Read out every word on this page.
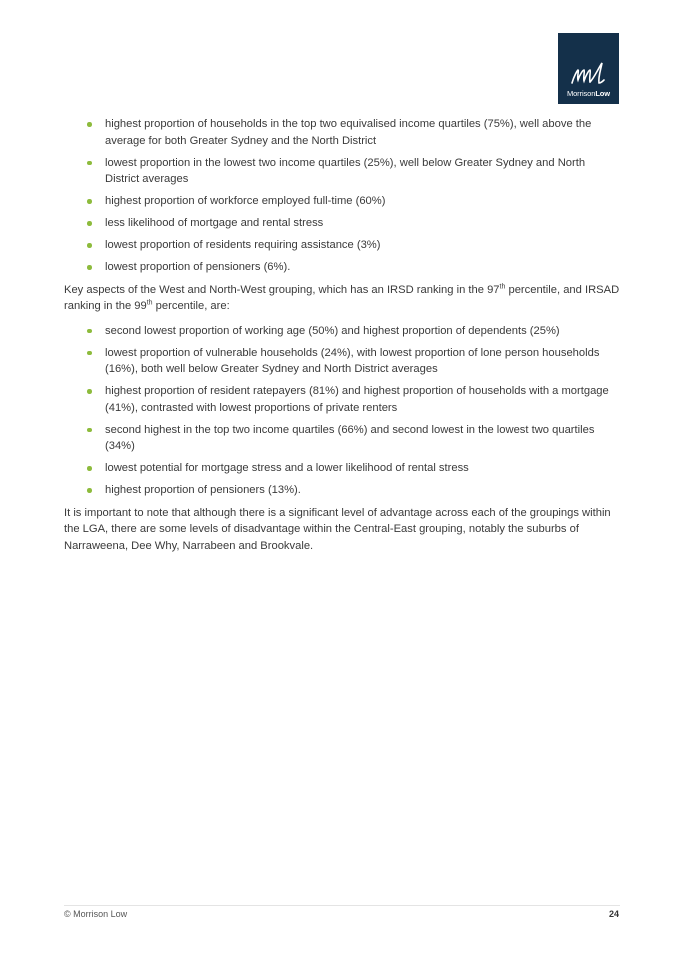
MorrisonLow
highest proportion of households in the top two equivalised income quartiles (75%), well above the average for both Greater Sydney and the North District
lowest proportion in the lowest two income quartiles (25%), well below Greater Sydney and North District averages
highest proportion of workforce employed full-time (60%)
less likelihood of mortgage and rental stress
lowest proportion of residents requiring assistance (3%)
lowest proportion of pensioners (6%).

Key aspects of the West and North-West grouping, which has an IRSD ranking in the 97th percentile, and IRSAD ranking in the 99th percentile, are:

second lowest proportion of working age (50%) and highest proportion of dependents (25%)
lowest proportion of vulnerable households (24%), with lowest proportion of lone person households (16%), both well below Greater Sydney and North District averages
highest proportion of resident ratepayers (81%) and highest proportion of households with a mortgage (41%), contrasted with lowest proportions of private renters
second highest in the top two income quartiles (66%) and second lowest in the lowest two quartiles (34%)
lowest potential for mortgage stress and a lower likelihood of rental stress
highest proportion of pensioners (13%).

It is important to note that although there is a significant level of advantage across each of the groupings within the LGA, there are some levels of disadvantage within the Central-East grouping, notably the suburbs of Narraweena, Dee Why, Narrabeen and Brookvale.

© Morrison Low	24
